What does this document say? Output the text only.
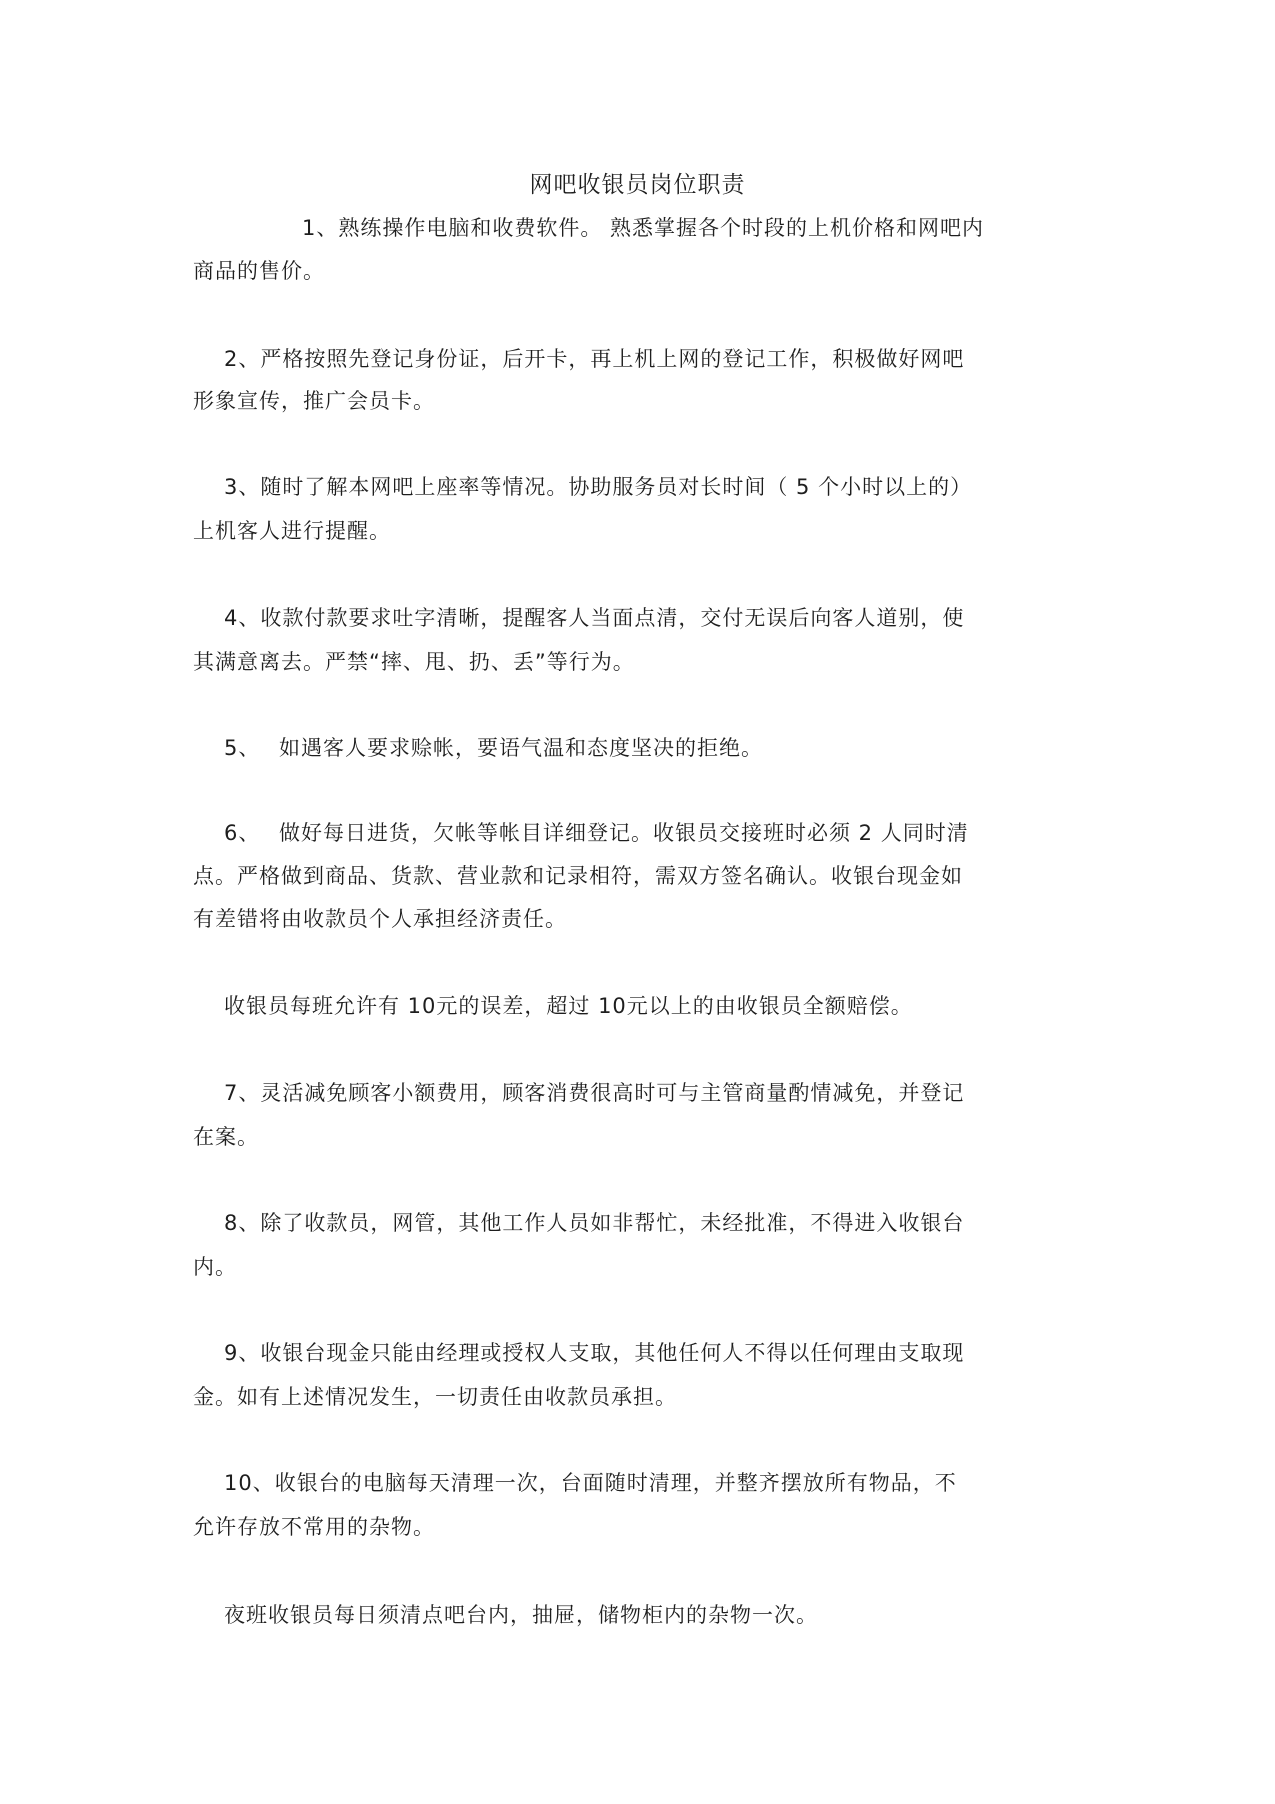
网吧收银员岗位职责
1、熟练操作电脑和收费软件。 熟悉掌握各个时段的上机价格和网吧内
商品的售价。
2、严格按照先登记身份证，后开卡，再上机上网的登记工作，积极做好网吧
形象宣传，推广会员卡。
3、随时了解本网吧上座率等情况。协助服务员对长时间（ 5 个小时以上的）
上机客人进行提醒。
4、收款付款要求吐字清晰，提醒客人当面点清，交付无误后向客人道别，使
其满意离去。严禁“摔、甩、扔、丢”等行为。
5、 如遇客人要求赊帐，要语气温和态度坚决的拒绝。
6、 做好每日进货，欠帐等帐目详细登记。收银员交接班时必须 2 人同时清
点。严格做到商品、货款、营业款和记录相符，需双方签名确认。收银台现金如
有差错将由收款员个人承担经济责任。
收银员每班允许有 10元的误差，超过 10元以上的由收银员全额赔偿。
7、灵活减免顾客小额费用，顾客消费很高时可与主管商量酌情减免，并登记
在案。
8、除了收款员，网管，其他工作人员如非帮忙，未经批准，不得进入收银台
内。
9、收银台现金只能由经理或授权人支取，其他任何人不得以任何理由支取现
金。如有上述情况发生，一切责任由收款员承担。
10、收银台的电脑每天清理一次，台面随时清理，并整齐摆放所有物品，不
允许存放不常用的杂物。
夜班收银员每日须清点吧台内，抽屉，储物柜内的杂物一次。
